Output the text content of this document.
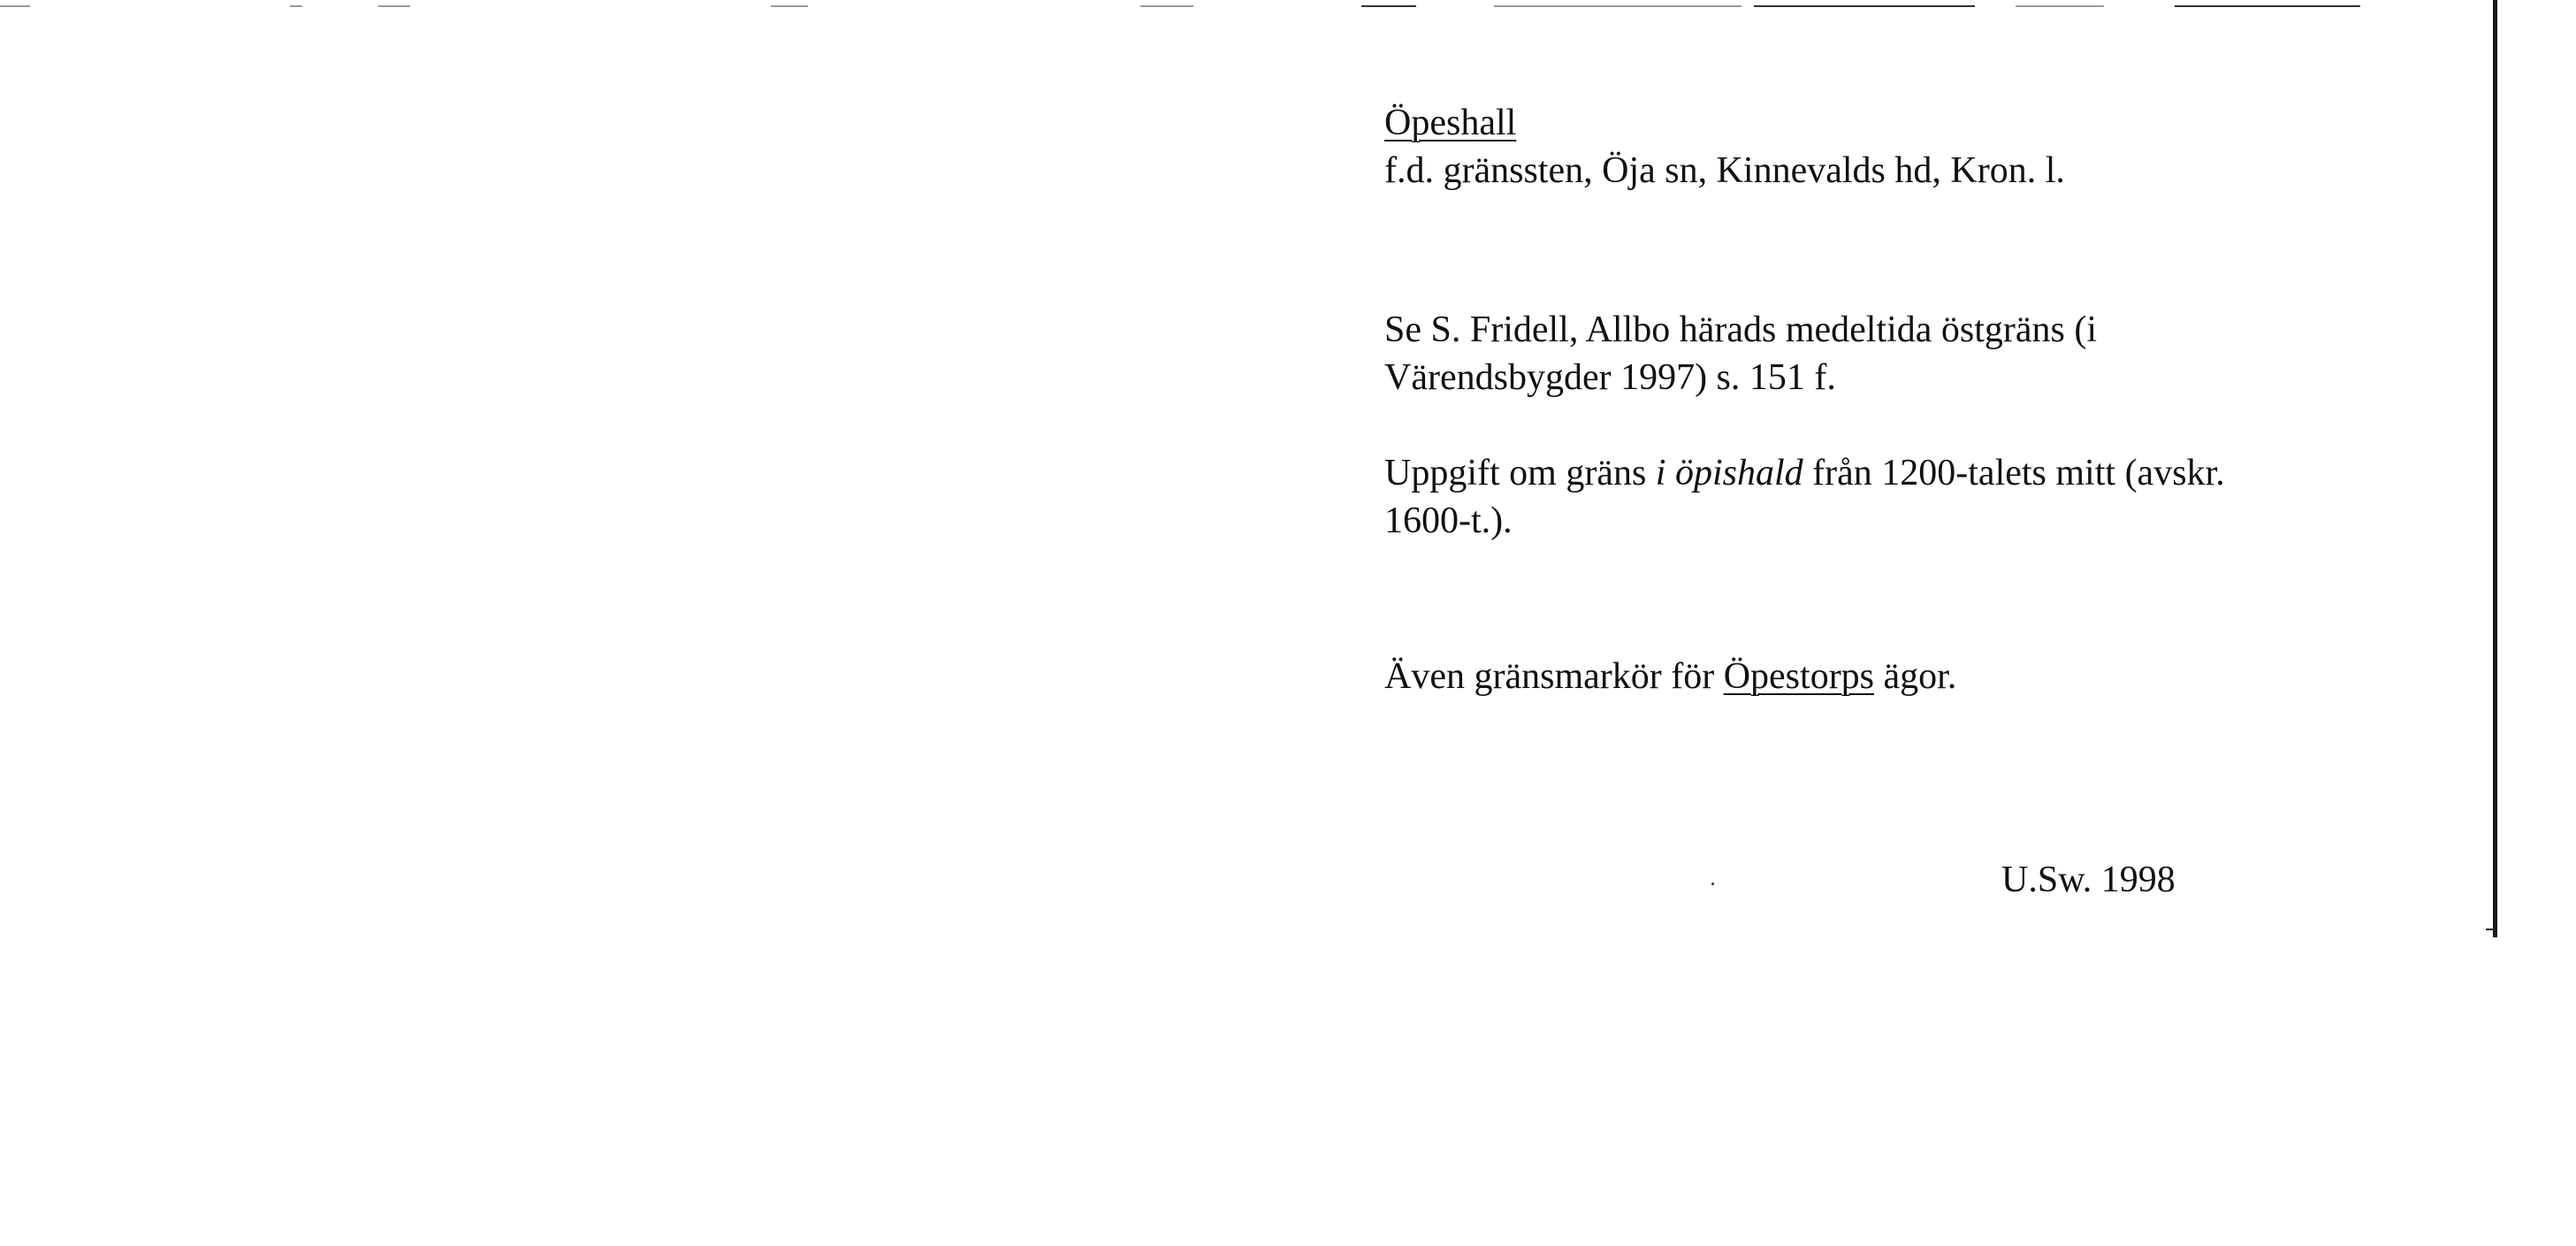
Öpeshall
f.d. gränssten, Öja sn, Kinnevalds hd, Kron. l.
Se S. Fridell, Allbo härads medeltida östgräns (i
Värendsbygder 1997) s. 151 f.
Uppgift om gräns i öpishald från 1200-talets mitt (avskr.
1600-t.).
Även gränsmarkör för Öpestorps ägor.
U.Sw. 1998
